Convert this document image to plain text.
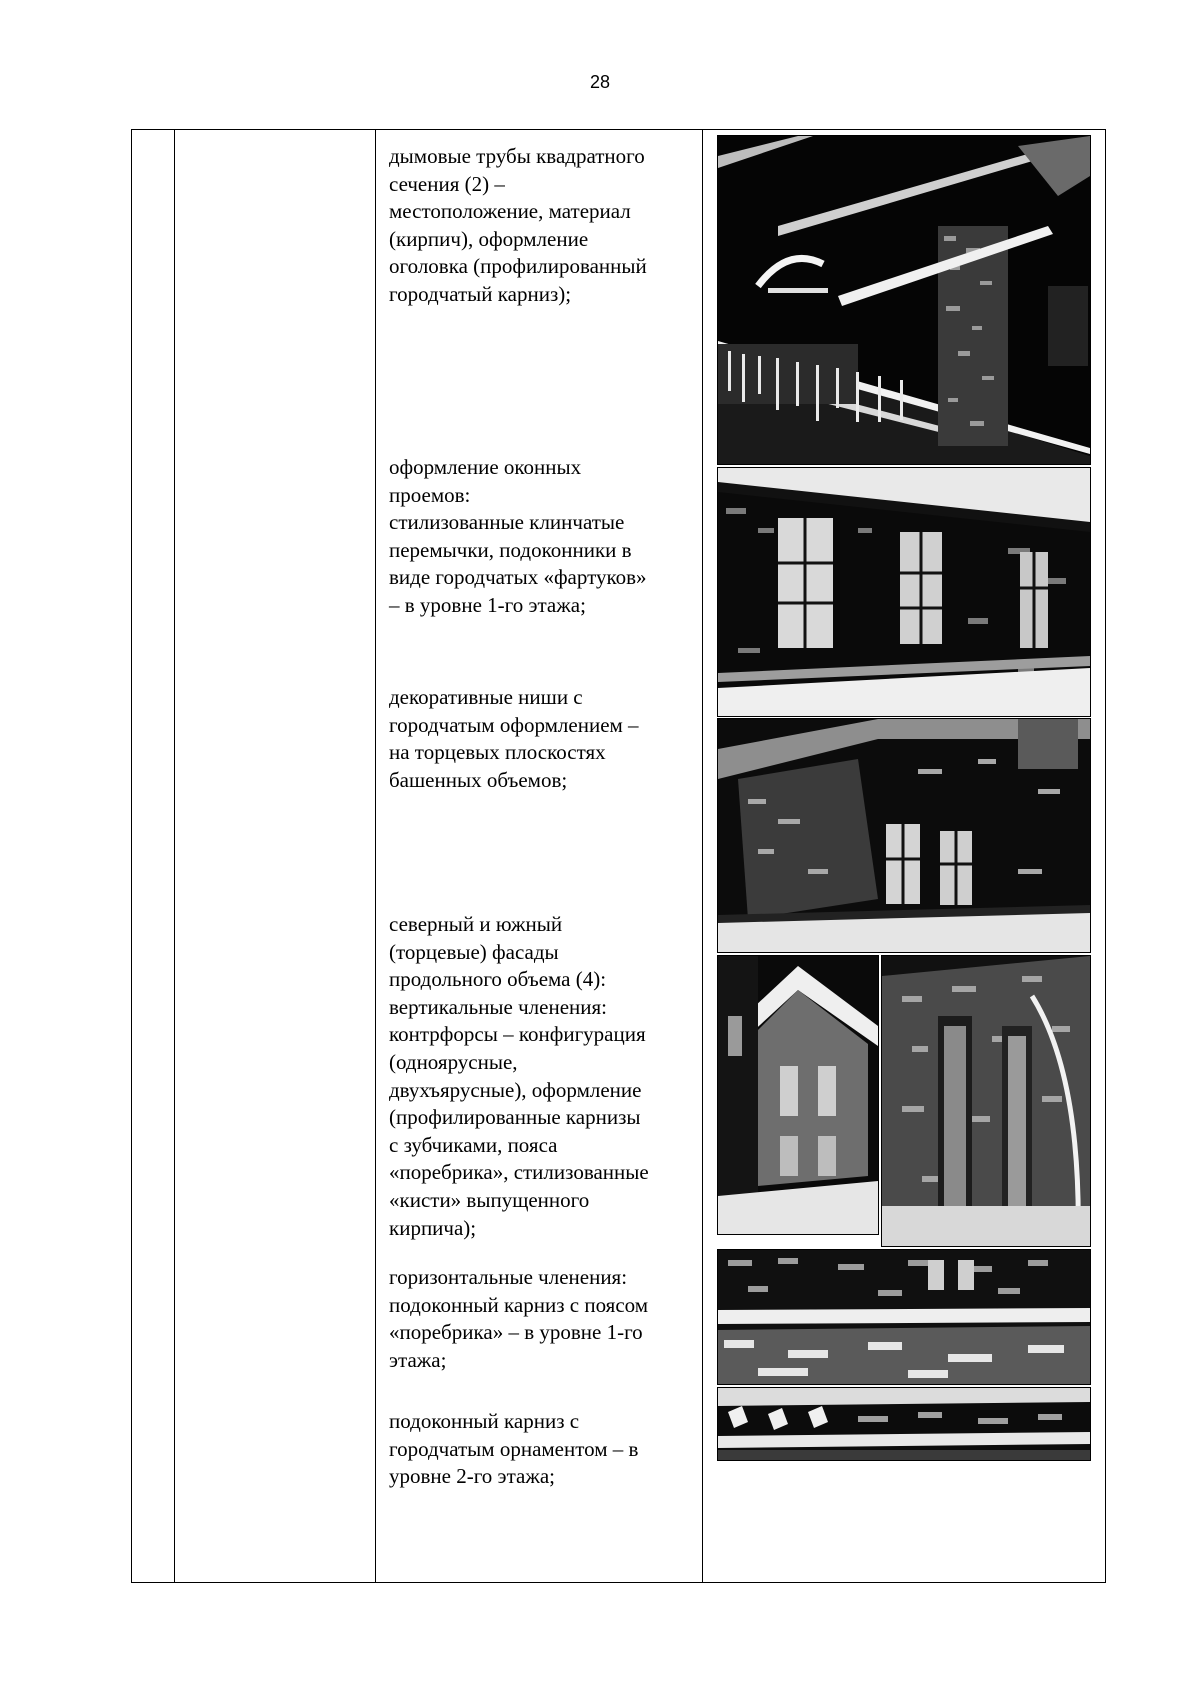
28

дымовые трубы квадратного
сечения (2) –
местоположение, материал
(кирпич), оформление
оголовка (профилированный
городчатый карниз);

оформление оконных
проемов:
стилизованные клинчатые
перемычки, подоконники в
виде городчатых «фартуков»
– в уровне 1-го этажа;

декоративные ниши с
городчатым оформлением –
на торцевых плоскостях
башенных объемов;

северный и южный
(торцевые) фасады
продольного объема (4):
вертикальные членения:
контрфорсы – конфигурация
(одноярусные,
двухъярусные), оформление
(профилированные карнизы
с зубчиками, пояса
«поребрика», стилизованные
«кисти» выпущенного
кирпича);

горизонтальные членения:
подоконный карниз с поясом
«поребрика» – в уровне 1-го
этажа;

подоконный карниз с
городчатым орнаментом – в
уровне 2-го этажа;
